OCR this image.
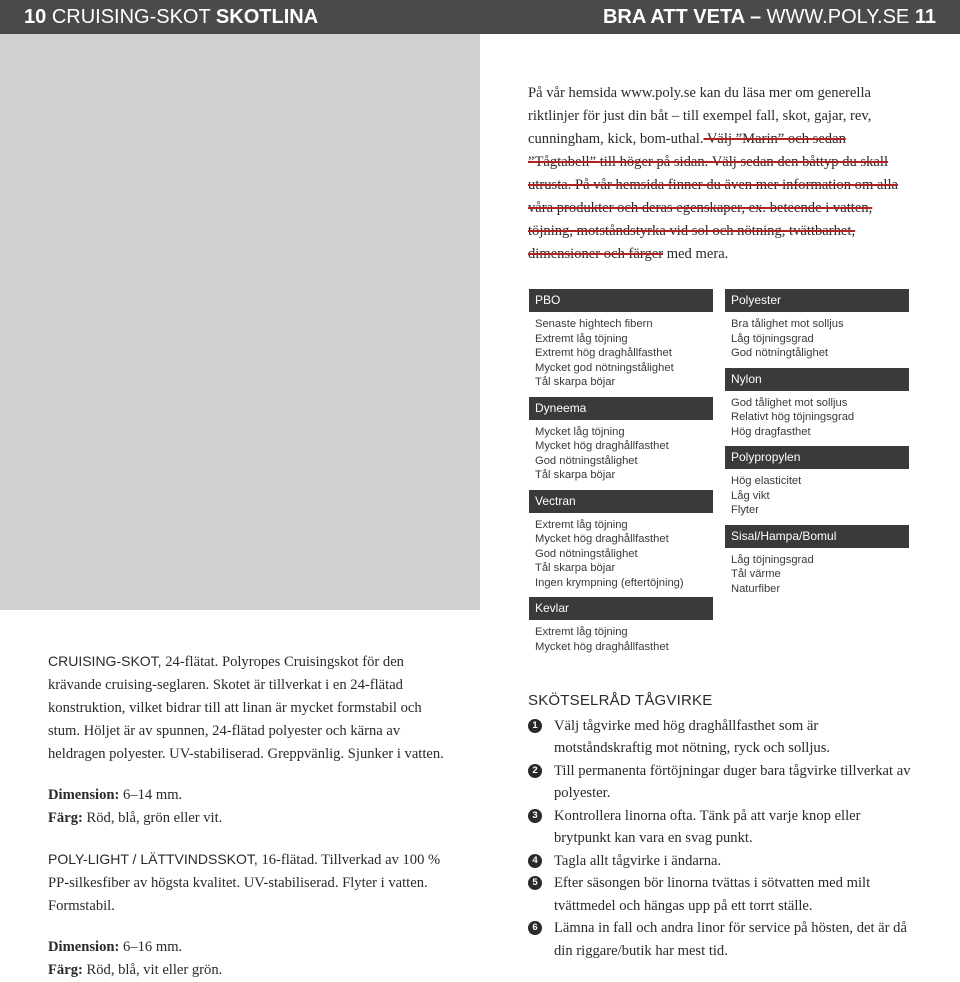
10 CRUISING-SKOT SKOTLINA	BRA ATT VETA – WWW.POLY.SE 11

På vår hemsida www.poly.se kan du läsa mer om generella riktlinjer för just din båt – till exempel fall, skot, gajar, rev, cunningham, kick, bom-uthal. Välj ”Marin” och sedan ”Tågtabell” till höger på sidan. Välj sedan den båttyp du skall utrusta. På vår hemsida finner du även mer information om alla våra produkter och deras egenskaper, ex. beteende i vatten, töjning, motståndstyrka vid sol och nötning, tvättbarhet, dimensioner och färger med mera.

PBO
Senaste hightech fibern
Extremt låg töjning
Extremt hög draghållfasthet
Mycket god nötningstålighet
Tål skarpa böjar
Dyneema
Mycket låg töjning
Mycket hög draghållfasthet
God nötningstålighet
Tål skarpa böjar
Vectran
Extremt låg töjning
Mycket hög draghållfasthet
God nötningstålighet
Tål skarpa böjar
Ingen krympning (eftertöjning)
Kevlar
Extremt låg töjning
Mycket hög draghållfasthet
Polyester
Bra tålighet mot solljus
Låg töjningsgrad
God nötningtålighet
Nylon
God tålighet mot solljus
Relativt hög töjningsgrad
Hög dragfasthet
Polypropylen
Hög elasticitet
Låg vikt
Flyter
Sisal/Hampa/Bomul
Låg töjningsgrad
Tål värme
Naturfiber

CRUISING-SKOT, 24-flätat. Polyropes Cruisingskot för den krävande cruising-seglaren. Skotet är tillverkat i en 24-flätad konstruktion, vilket bidrar till att linan är mycket formstabil och stum. Höljet är av spunnen, 24-flätad polyester och kärna av heldragen polyester. UV-stabiliserad. Greppvänlig. Sjunker i vatten.

Dimension: 6–14 mm.

Färg: Röd, blå, grön eller vit.

POLY-LIGHT / LÄTTVINDSSKOT, 16-flätad. Tillverkad av 100 % PP-silkesfiber av högsta kvalitet. UV-stabiliserad. Flyter i vatten. Formstabil.

Dimension: 6–16 mm.

Färg: Röd, blå, vit eller grön.

SKÖTSELRÅD TÅGVIRKE
1 Välj tågvirke med hög draghållfasthet som är motståndskraftig mot nötning, ryck och solljus.
2 Till permanenta förtöjningar duger bara tågvirke tillverkat av polyester.
3 Kontrollera linorna ofta. Tänk på att varje knop eller brytpunkt kan vara en svag punkt.
4 Tagla allt tågvirke i ändarna.
5 Efter säsongen bör linorna tvättas i sötvatten med milt tvättmedel och hängas upp på ett torrt ställe.
6 Lämna in fall och andra linor för service på hösten, det är då din riggare/butik har mest tid.
